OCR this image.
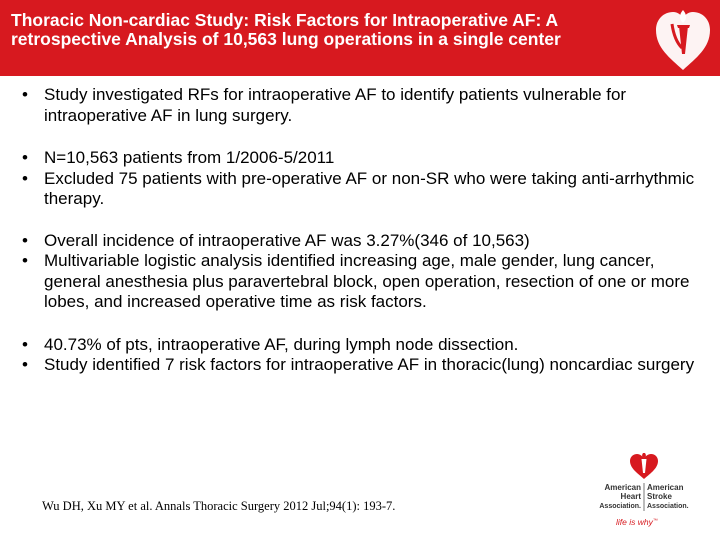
Thoracic Non-cardiac Study: Risk Factors for Intraoperative AF: A
retrospective Analysis of 10,563 lung operations in a single center

• Study investigated RFs for intraoperative AF to identify patients vulnerable for intraoperative AF in lung surgery.

• N=10,563 patients from 1/2006-5/2011

• Excluded 75 patients with pre-operative AF or non-SR who were taking anti-arrhythmic therapy.

• Overall incidence of intraoperative AF was 3.27%(346 of 10,563)

• Multivariable logistic analysis identified increasing age, male gender, lung cancer, general anesthesia plus paravertebral block, open operation, resection of one or more lobes, and increased operative time as risk factors.

• 40.73% of pts, intraoperative AF, during lymph node dissection.

• Study identified 7 risk factors for intraoperative AF in thoracic(lung) noncardiac surgery

Wu DH, Xu MY et al. Annals Thoracic Surgery 2012 Jul;94(1): 193-7.
American
Heart
Association.
American
Stroke
Association.
life is why™
